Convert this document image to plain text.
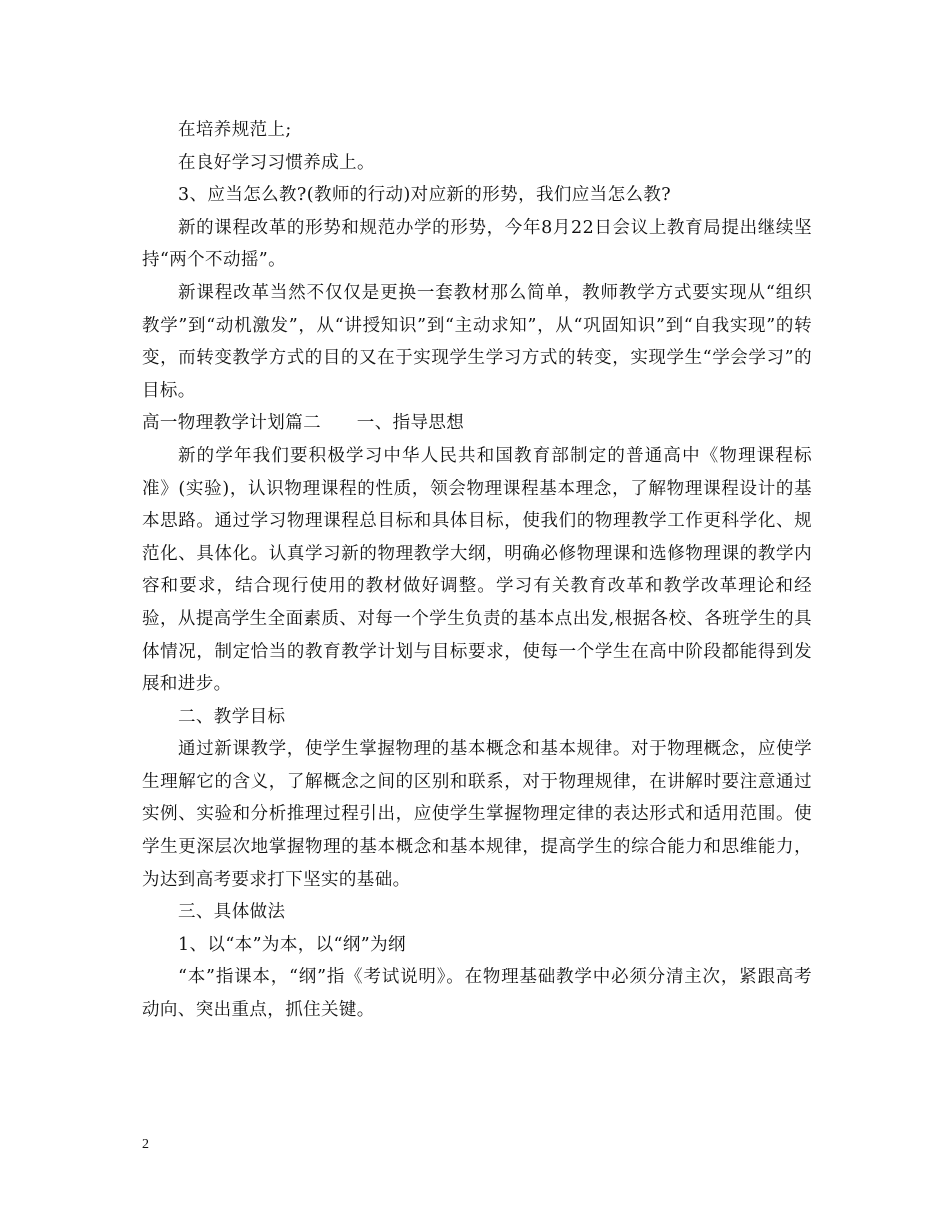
在培养规范上;

在良好学习习惯养成上。

3、应当怎么教?(教师的行动)对应新的形势，我们应当怎么教?

新的课程改革的形势和规范办学的形势，今年8月22日会议上教育局提出继续坚持“两个不动摇”。

新课程改革当然不仅仅是更换一套教材那么简单，教师教学方式要实现从“组织教学”到“动机激发”，从“讲授知识”到“主动求知”，从“巩固知识”到“自我实现”的转变，而转变教学方式的目的又在于实现学生学习方式的转变，实现学生“学会学习”的目标。

高一物理教学计划篇二　　一、指导思想

新的学年我们要积极学习中华人民共和国教育部制定的普通高中《物理课程标准》(实验)，认识物理课程的性质，领会物理课程基本理念，了解物理课程设计的基本思路。通过学习物理课程总目标和具体目标，使我们的物理教学工作更科学化、规范化、具体化。认真学习新的物理教学大纲，明确必修物理课和选修物理课的教学内容和要求，结合现行使用的教材做好调整。学习有关教育改革和教学改革理论和经验，从提高学生全面素质、对每一个学生负责的基本点出发,根据各校、各班学生的具体情况，制定恰当的教育教学计划与目标要求，使每一个学生在高中阶段都能得到发展和进步。

二、教学目标

通过新课教学，使学生掌握物理的基本概念和基本规律。对于物理概念，应使学生理解它的含义，了解概念之间的区别和联系，对于物理规律，在讲解时要注意通过实例、实验和分析推理过程引出，应使学生掌握物理定律的表达形式和适用范围。使学生更深层次地掌握物理的基本概念和基本规律，提高学生的综合能力和思维能力，为达到高考要求打下坚实的基础。

三、具体做法

1、以“本”为本，以“纲”为纲

“本”指课本，“纲”指《考试说明》。在物理基础教学中必须分清主次，紧跟高考动向、突出重点，抓住关键。

2
